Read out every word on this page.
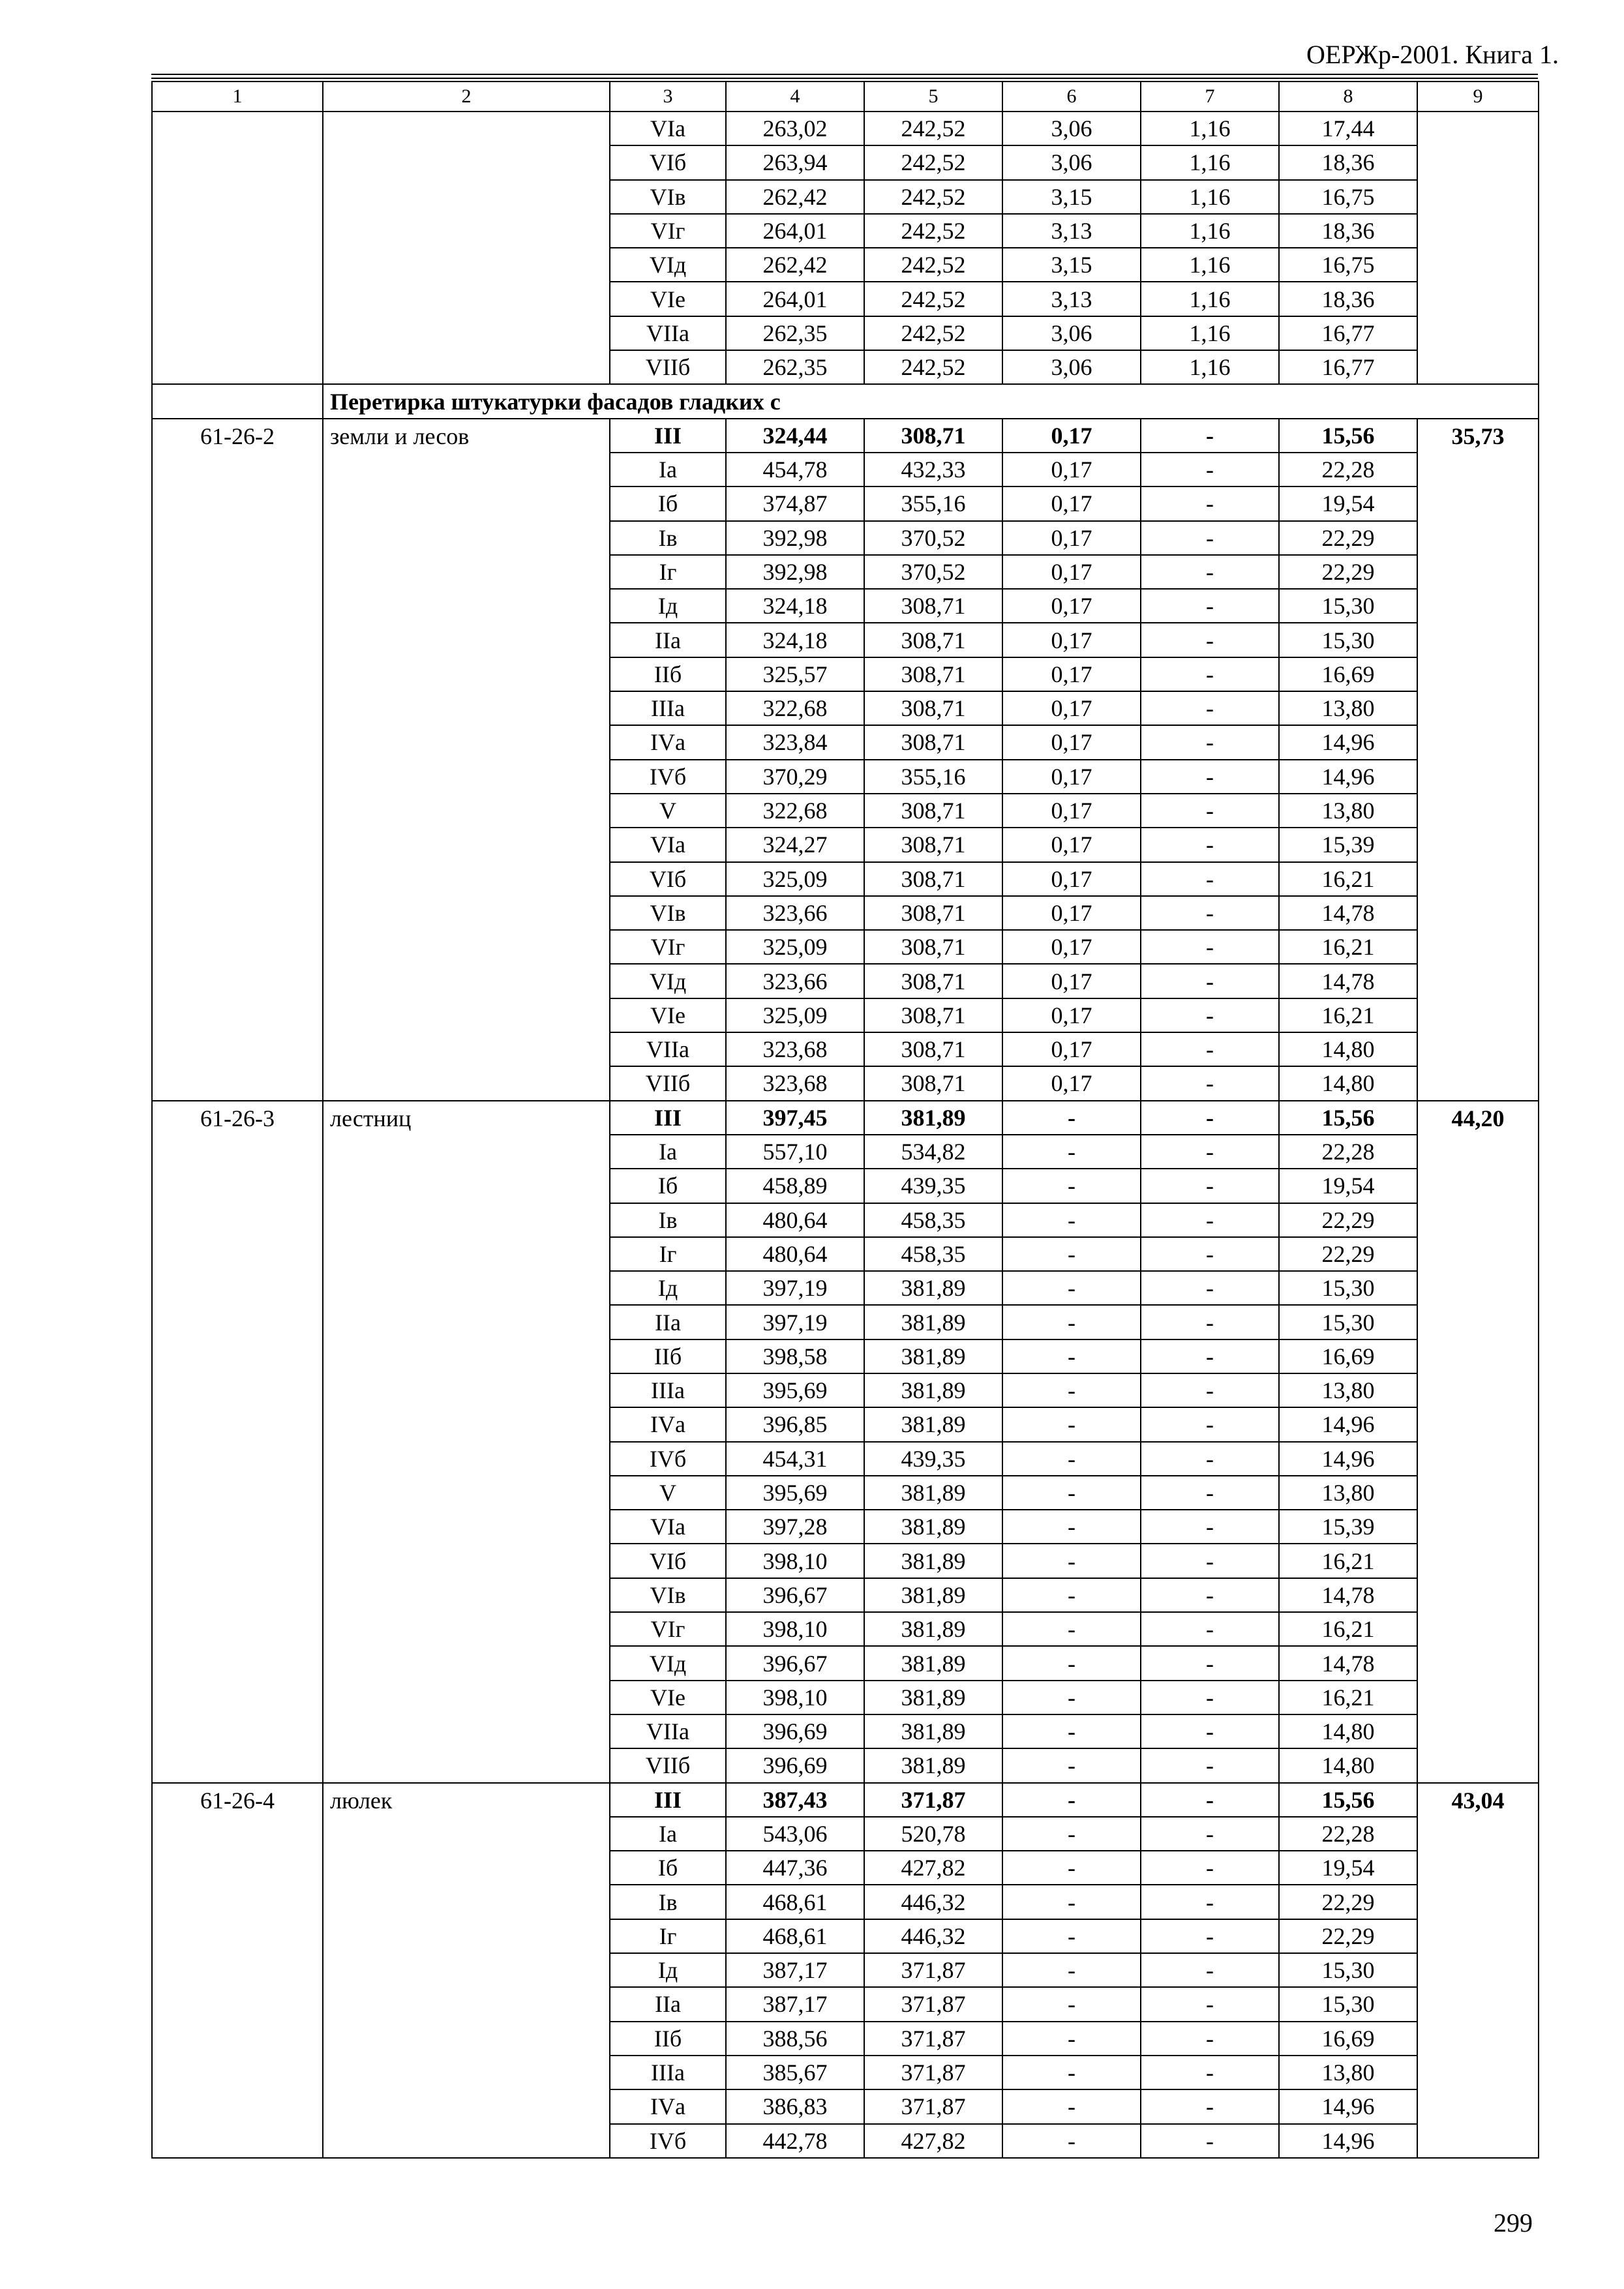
ОЕРЖр-2001. Книга 1.
1	2	3	4	5	6	7	8	9
		VIа	263,02	242,52	3,06	1,16	17,44	
		VIб	263,94	242,52	3,06	1,16	18,36	
		VIв	262,42	242,52	3,15	1,16	16,75	
		VIг	264,01	242,52	3,13	1,16	18,36	
		VIд	262,42	242,52	3,15	1,16	16,75	
		VIе	264,01	242,52	3,13	1,16	18,36	
		VIIа	262,35	242,52	3,06	1,16	16,77	
		VIIб	262,35	242,52	3,06	1,16	16,77	
	Перетирка штукатурки фасадов гладких с							
61-26-2	земли и лесов	III	324,44	308,71	0,17	-	15,56	35,73
		Iа	454,78	432,33	0,17	-	22,28	
		Iб	374,87	355,16	0,17	-	19,54	
		Iв	392,98	370,52	0,17	-	22,29	
		Iг	392,98	370,52	0,17	-	22,29	
		Iд	324,18	308,71	0,17	-	15,30	
		IIа	324,18	308,71	0,17	-	15,30	
		IIб	325,57	308,71	0,17	-	16,69	
		IIIа	322,68	308,71	0,17	-	13,80	
		IVа	323,84	308,71	0,17	-	14,96	
		IVб	370,29	355,16	0,17	-	14,96	
		V	322,68	308,71	0,17	-	13,80	
		VIа	324,27	308,71	0,17	-	15,39	
		VIб	325,09	308,71	0,17	-	16,21	
		VIв	323,66	308,71	0,17	-	14,78	
		VIг	325,09	308,71	0,17	-	16,21	
		VIд	323,66	308,71	0,17	-	14,78	
		VIе	325,09	308,71	0,17	-	16,21	
		VIIа	323,68	308,71	0,17	-	14,80	
		VIIб	323,68	308,71	0,17	-	14,80	
61-26-3	лестниц	III	397,45	381,89	-	-	15,56	44,20
		Iа	557,10	534,82	-	-	22,28	
		Iб	458,89	439,35	-	-	19,54	
		Iв	480,64	458,35	-	-	22,29	
		Iг	480,64	458,35	-	-	22,29	
		Iд	397,19	381,89	-	-	15,30	
		IIа	397,19	381,89	-	-	15,30	
		IIб	398,58	381,89	-	-	16,69	
		IIIа	395,69	381,89	-	-	13,80	
		IVа	396,85	381,89	-	-	14,96	
		IVб	454,31	439,35	-	-	14,96	
		V	395,69	381,89	-	-	13,80	
		VIа	397,28	381,89	-	-	15,39	
		VIб	398,10	381,89	-	-	16,21	
		VIв	396,67	381,89	-	-	14,78	
		VIг	398,10	381,89	-	-	16,21	
		VIд	396,67	381,89	-	-	14,78	
		VIе	398,10	381,89	-	-	16,21	
		VIIа	396,69	381,89	-	-	14,80	
		VIIб	396,69	381,89	-	-	14,80	
61-26-4	люлек	III	387,43	371,87	-	-	15,56	43,04
		Iа	543,06	520,78	-	-	22,28	
		Iб	447,36	427,82	-	-	19,54	
		Iв	468,61	446,32	-	-	22,29	
		Iг	468,61	446,32	-	-	22,29	
		Iд	387,17	371,87	-	-	15,30	
		IIа	387,17	371,87	-	-	15,30	
		IIб	388,56	371,87	-	-	16,69	
		IIIа	385,67	371,87	-	-	13,80	
		IVа	386,83	371,87	-	-	14,96	
		IVб	442,78	427,82	-	-	14,96	
299
